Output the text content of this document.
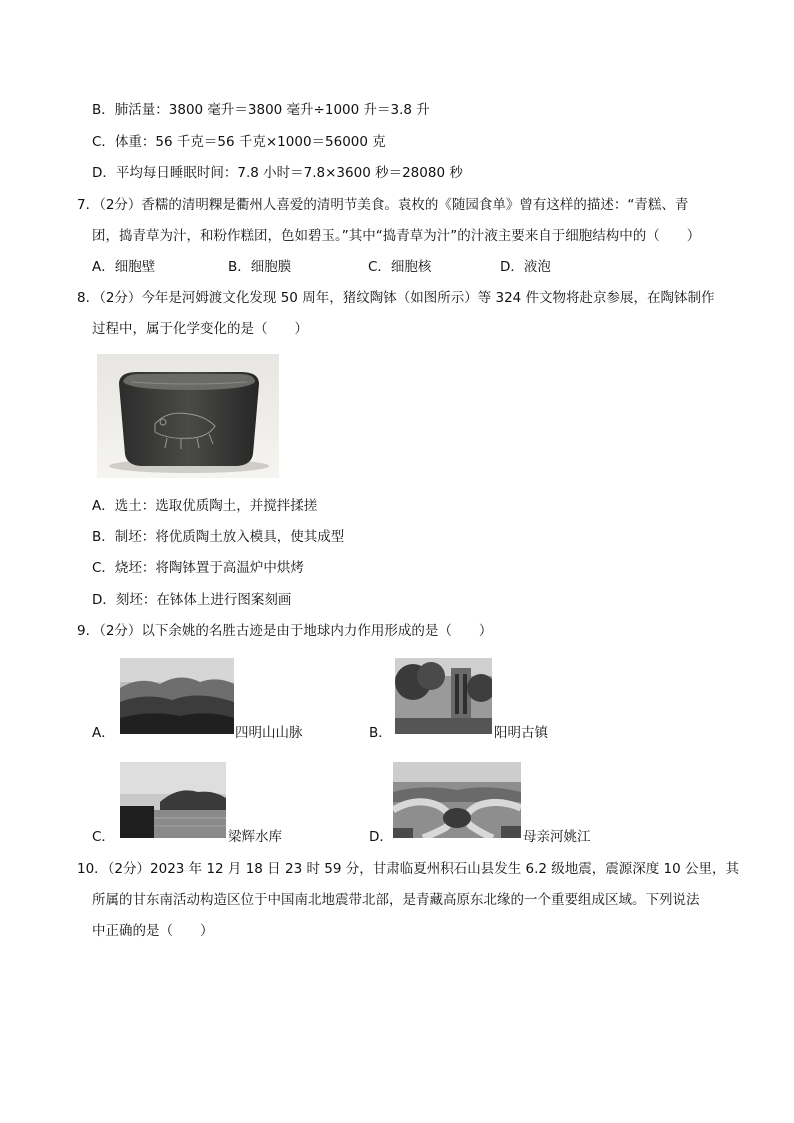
B．肺活量：3800 毫升＝3800 毫升÷1000 升＝3.8 升
C．体重：56 千克＝56 千克×1000＝56000 克
D．平均每日睡眠时间：7.8 小时＝7.8×3600 秒＝28080 秒
7．（2分）香糯的清明粿是衢州人喜爱的清明节美食。袁枚的《随园食单》曾有这样的描述：“青糕、青
团，捣青草为汁，和粉作糕团，色如碧玉。”其中“捣青草为汁”的汁液主要来自于细胞结构中的（　　）
A．细胞壁	B．细胞膜	C．细胞核	D．液泡
8．（2分）今年是河姆渡文化发现 50 周年，猪纹陶钵（如图所示）等 324 件文物将赴京参展，在陶钵制作
过程中，属于化学变化的是（　　）
A．选土：选取优质陶土，并搅拌揉搓
B．制坯：将优质陶土放入模具，使其成型
C．烧坯：将陶钵置于高温炉中烘烤
D．刻坯：在钵体上进行图案刻画
9．（2分）以下余姚的名胜古迹是由于地球内力作用形成的是（　　）
A．	四明山山脉	B．	阳明古镇
C．	梁辉水库	D．	母亲河姚江
10．（2分）2023 年 12 月 18 日 23 时 59 分，甘肃临夏州积石山县发生 6.2 级地震，震源深度 10 公里，其
所属的甘东南活动构造区位于中国南北地震带北部，是青藏高原东北缘的一个重要组成区域。下列说法
中正确的是（　　）
